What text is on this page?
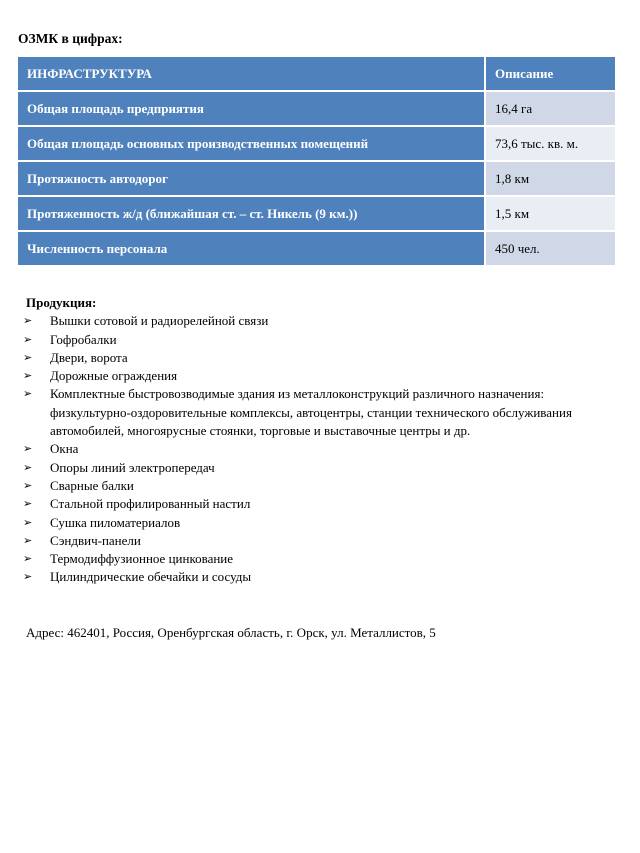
ОЗМК в цифрах:
ИНФРАСТРУКТУРА	Описание
Общая площадь предприятия	16,4 га
Общая площадь основных производственных помещений	73,6 тыс. кв. м.
Протяжность автодорог	1,8 км
Протяженность ж/д (ближайшая ст. – ст. Никель (9 км.))	1,5 км
Численность персонала	450 чел.
Продукция:
➢ Вышки сотовой и радиорелейной связи
➢ Гофробалки
➢ Двери, ворота
➢ Дорожные ограждения
➢ Комплектные быстровозводимые здания из металлоконструкций различного назначения: физкультурно-оздоровительные комплексы, автоцентры, станции технического обслуживания автомобилей, многоярусные стоянки, торговые и выставочные центры и др.
➢ Окна
➢ Опоры линий электропередач
➢ Сварные балки
➢ Стальной профилированный настил
➢ Сушка пиломатериалов
➢ Сэндвич-панели
➢ Термодиффузионное цинкование
➢ Цилиндрические обечайки и сосуды
Адрес: 462401, Россия, Оренбургская область, г. Орск, ул. Металлистов, 5
